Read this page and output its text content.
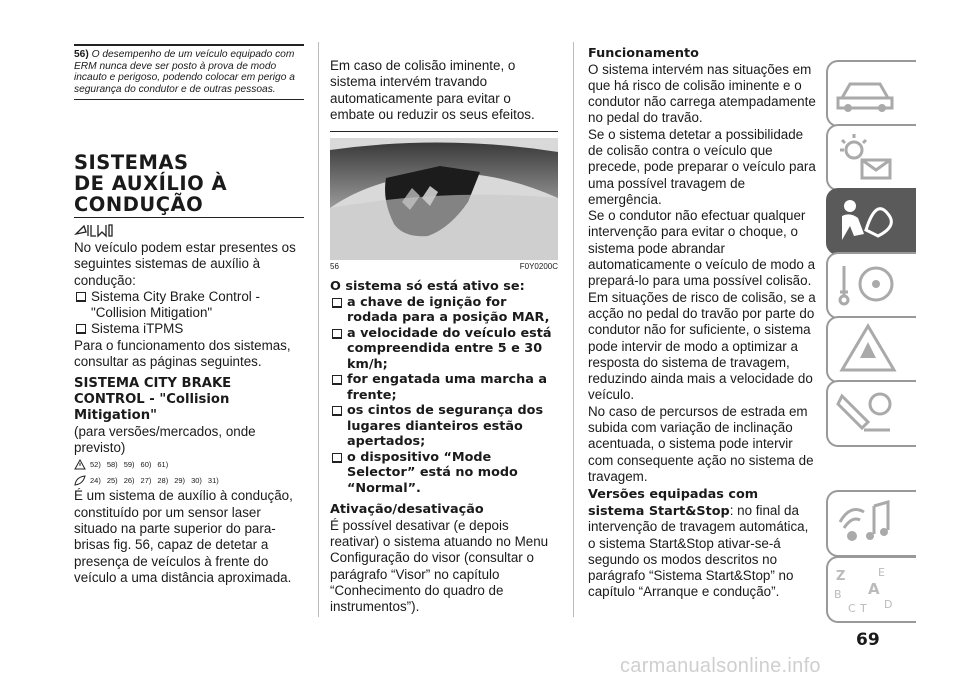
56) O desempenho de um veículo equipado com ERM nunca deve ser posto à prova de modo incauto e perigoso, podendo colocar em perigo a segurança do condutor e de outras pessoas.

SISTEMAS

DE AUXÍLIO À

CONDUÇÃO

No veículo podem estar presentes os seguintes sistemas de auxílio à condução:

Sistema City Brake Control - "Collision Mitigation"
Sistema iTPMS

Para o funcionamento dos sistemas, consultar as páginas seguintes.

SISTEMA CITY BRAKE CONTROL - "Collision Mitigation"

(para versões/mercados, onde previsto)

52) 58) 59) 60) 61)
24) 25) 26) 27) 28) 29) 30) 31)

É um sistema de auxílio à condução, constituído por um sensor laser situado na parte superior do para-brisas fig. 56, capaz de detetar a presença de veículos à frente do veículo a uma distância aproximada.

Em caso de colisão iminente, o sistema intervém travando automaticamente para evitar o embate ou reduzir os seus efeitos.

56	F0Y0200C

O sistema só está ativo se:

a chave de ignição for rodada para a posição MAR,
a velocidade do veículo está compreendida entre 5 e 30 km/h;
for engatada uma marcha a frente;
os cintos de segurança dos lugares dianteiros estão apertados;
o dispositivo “Mode Selector” está no modo “Normal”.

Ativação/desativação

É possível desativar (e depois reativar) o sistema atuando no Menu Configuração do visor (consultar o parágrafo “Visor” no capítulo “Conhecimento do quadro de instrumentos”).

Funcionamento

O sistema intervém nas situações em que há risco de colisão iminente e o condutor não carrega atempadamente no pedal do travão.

Se o sistema detetar a possibilidade de colisão contra o veículo que precede, pode preparar o veículo para uma possível travagem de emergência.

Se o condutor não efectuar qualquer intervenção para evitar o choque, o sistema pode abrandar automaticamente o veículo de modo a prepará-lo para uma possível colisão.

Em situações de risco de colisão, se a acção no pedal do travão por parte do condutor não for suficiente, o sistema pode intervir de modo a optimizar a resposta do sistema de travagem, reduzindo ainda mais a velocidade do veículo.

No caso de percursos de estrada em subida com variação de inclinação acentuada, o sistema pode intervir com consequente ação no sistema de travagem.

Versões equipadas com sistema Start&Stop: no final da intervenção de travagem automática, o sistema Start&Stop ativar-se-á segundo os modos descritos no parágrafo “Sistema Start&Stop” no capítulo “Arranque e condução”.

Z	E
B A
C T D
69
carmanualsonline.info
